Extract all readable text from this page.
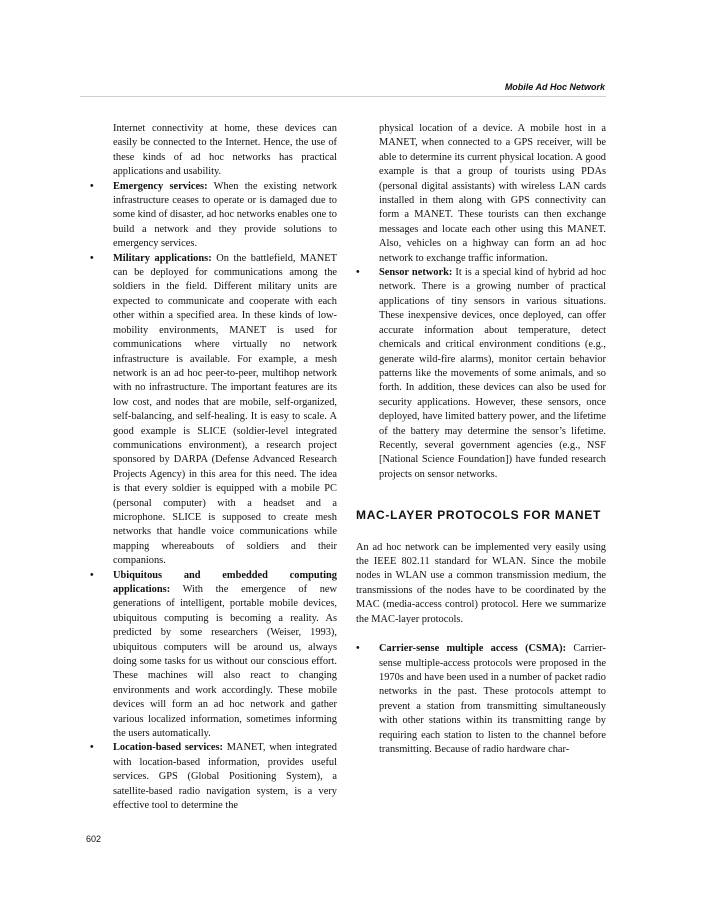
Mobile Ad Hoc Network

Internet connectivity at home, these devices can easily be connected to the Internet. Hence, the use of these kinds of ad hoc networks has practical applications and usability.

•	Emergency services: When the existing network infrastructure ceases to operate or is damaged due to some kind of disaster, ad hoc networks enables one to build a network and they provide solutions to emergency services.
•	Military applications: On the battlefield, MANET can be deployed for communications among the soldiers in the field. Different military units are expected to communicate and cooperate with each other within a specified area. In these kinds of low-mobility environments, MANET is used for communications where virtually no network infrastructure is available. For example, a mesh network is an ad hoc peer-to-peer, multihop network with no infrastructure. The important features are its low cost, and nodes that are mobile, self-organized, self-balancing, and self-healing. It is easy to scale. A good example is SLICE (soldier-level integrated communications environment), a research project sponsored by DARPA (Defense Advanced Research Projects Agency) in this area for this need. The idea is that every soldier is equipped with a mobile PC (personal computer) with a headset and a microphone. SLICE is supposed to create mesh networks that handle voice communications while mapping whereabouts of soldiers and their companions.
•	Ubiquitous and embedded computing applications: With the emergence of new generations of intelligent, portable mobile devices, ubiquitous computing is becoming a reality. As predicted by some researchers (Weiser, 1993), ubiquitous computers will be around us, always doing some tasks for us without our conscious effort. These machines will also react to changing environments and work accordingly. These mobile devices will form an ad hoc network and gather various localized information, sometimes informing the users automatically.
•	Location-based services: MANET, when integrated with location-based information, provides useful services. GPS (Global Positioning System), a satellite-based radio navigation system, is a very effective tool to determine the

physical location of a device. A mobile host in a MANET, when connected to a GPS receiver, will be able to determine its current physical location. A good example is that a group of tourists using PDAs (personal digital assistants) with wireless LAN cards installed in them along with GPS connectivity can form a MANET. These tourists can then exchange messages and locate each other using this MANET. Also, vehicles on a highway can form an ad hoc network to exchange traffic information.

•	Sensor network: It is a special kind of hybrid ad hoc network. There is a growing number of practical applications of tiny sensors in various situations. These inexpensive devices, once deployed, can offer accurate information about temperature, detect chemicals and critical environment conditions (e.g., generate wild-fire alarms), monitor certain behavior patterns like the movements of some animals, and so forth. In addition, these devices can also be used for security applications. However, these sensors, once deployed, have limited battery power, and the lifetime of the battery may determine the sensor’s lifetime. Recently, several government agencies (e.g., NSF [National Science Foundation]) have funded research projects on sensor networks.
MAC-LAYER PROTOCOLS FOR MANET

An ad hoc network can be implemented very easily using the IEEE 802.11 standard for WLAN. Since the mobile nodes in WLAN use a common transmission medium, the transmissions of the nodes have to be coordinated by the MAC (media-access control) protocol. Here we summarize the MAC-layer protocols.

•	Carrier-sense multiple access (CSMA): Carrier-sense multiple-access protocols were proposed in the 1970s and have been used in a number of packet radio networks in the past. These protocols attempt to prevent a station from transmitting simultaneously with other stations within its transmitting range by requiring each station to listen to the channel before transmitting. Because of radio hardware char-
602
